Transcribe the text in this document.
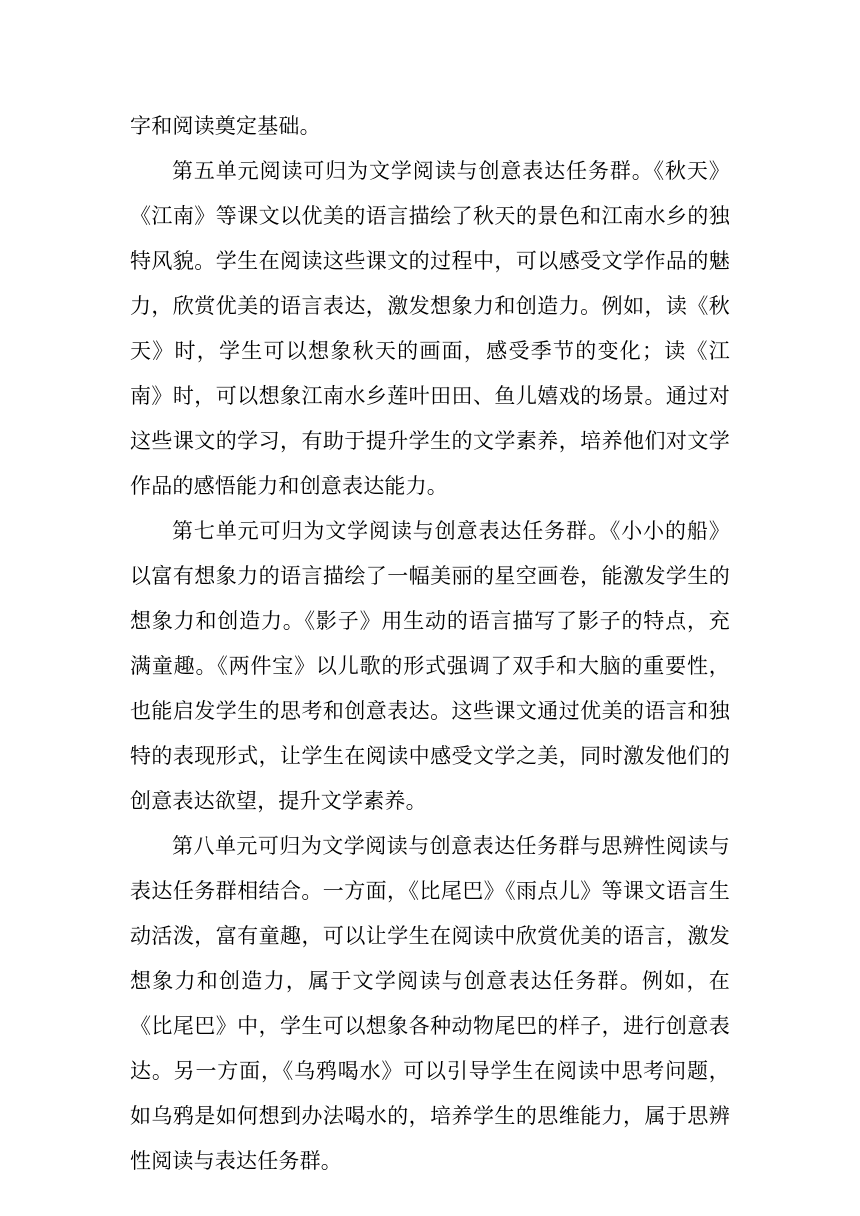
字和阅读奠定基础。

第五单元阅读可归为文学阅读与创意表达任务群。《秋天》《江南》等课文以优美的语言描绘了秋天的景色和江南水乡的独特风貌。学生在阅读这些课文的过程中，可以感受文学作品的魅力，欣赏优美的语言表达，激发想象力和创造力。例如，读《秋天》时，学生可以想象秋天的画面，感受季节的变化；读《江南》时，可以想象江南水乡莲叶田田、鱼儿嬉戏的场景。通过对这些课文的学习，有助于提升学生的文学素养，培养他们对文学作品的感悟能力和创意表达能力。

第七单元可归为文学阅读与创意表达任务群。《小小的船》以富有想象力的语言描绘了一幅美丽的星空画卷，能激发学生的想象力和创造力。《影子》用生动的语言描写了影子的特点，充满童趣。《两件宝》以儿歌的形式强调了双手和大脑的重要性，也能启发学生的思考和创意表达。这些课文通过优美的语言和独特的表现形式，让学生在阅读中感受文学之美，同时激发他们的创意表达欲望，提升文学素养。

第八单元可归为文学阅读与创意表达任务群与思辨性阅读与表达任务群相结合。一方面，《比尾巴》《雨点儿》等课文语言生动活泼，富有童趣，可以让学生在阅读中欣赏优美的语言，激发想象力和创造力，属于文学阅读与创意表达任务群。例如，在《比尾巴》中，学生可以想象各种动物尾巴的样子，进行创意表达。另一方面，《乌鸦喝水》可以引导学生在阅读中思考问题，如乌鸦是如何想到办法喝水的，培养学生的思维能力，属于思辨性阅读与表达任务群。
